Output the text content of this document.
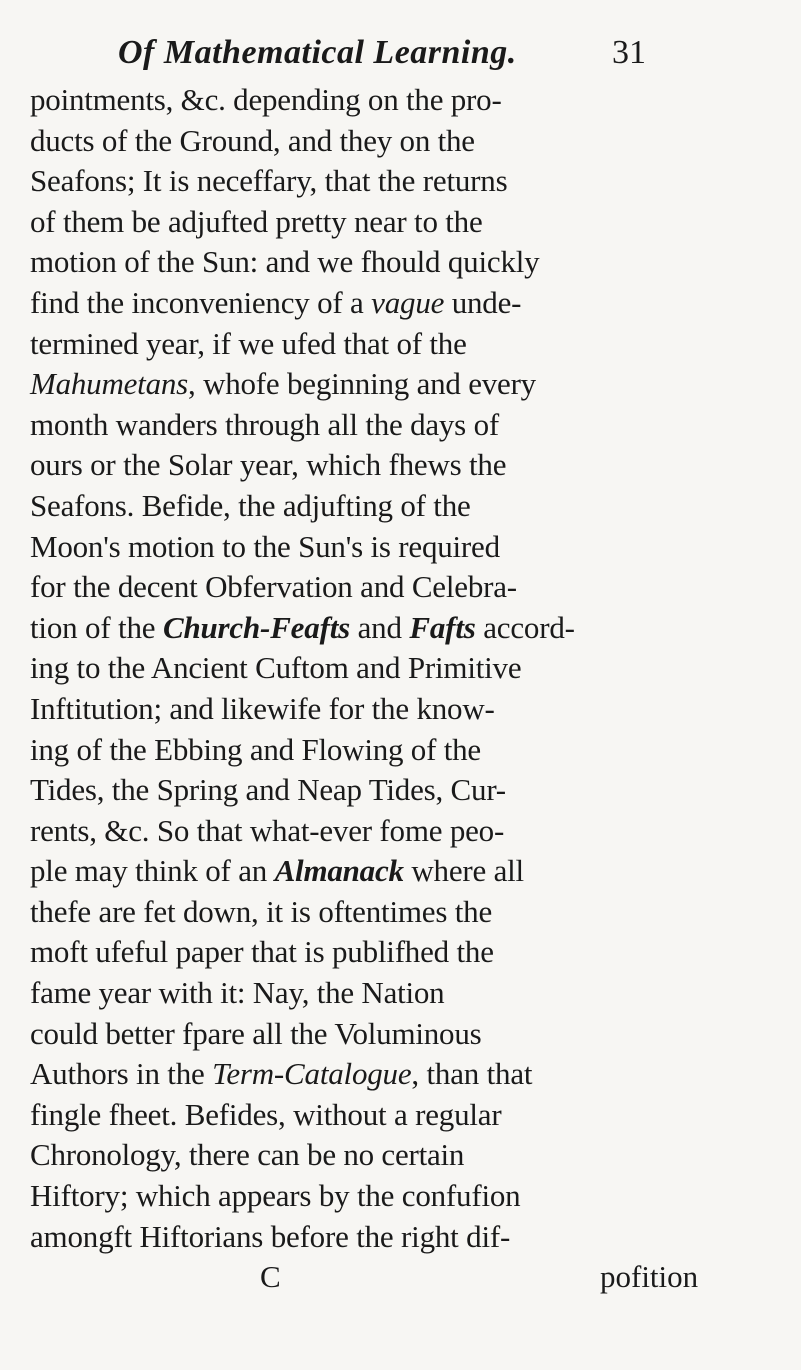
Of Mathematical Learning.	31
pointments, &c. depending on the pro-
ducts of the Ground, and they on the
Seafons; It is neceffary, that the returns
of them be adjufted pretty near to the
motion of the Sun: and we fhould quickly
find the inconveniency of a vague unde-
termined year, if we ufed that of the
Mahumetans, whofe beginning and every
month wanders through all the days of
ours or the Solar year, which fhews the
Seafons. Befide, the adjufting of the
Moon's motion to the Sun's is required
for the decent Obfervation and Celebra-
tion of the Church-Feafts and Fafts accord-
ing to the Ancient Cuftom and Primitive
Inftitution; and likewife for the know-
ing of the Ebbing and Flowing of the
Tides, the Spring and Neap Tides, Cur-
rents, &c. So that what-ever fome peo-
ple may think of an Almanack where all
thefe are fet down, it is oftentimes the
moft ufeful paper that is publifhed the
fame year with it: Nay, the Nation
could better fpare all the Voluminous
Authors in the Term-Catalogue, than that
fingle fheet. Befides, without a regular
Chronology, there can be no certain
Hiftory; which appears by the confufion
amongft Hiftorians before the right dif-
C	pofition
